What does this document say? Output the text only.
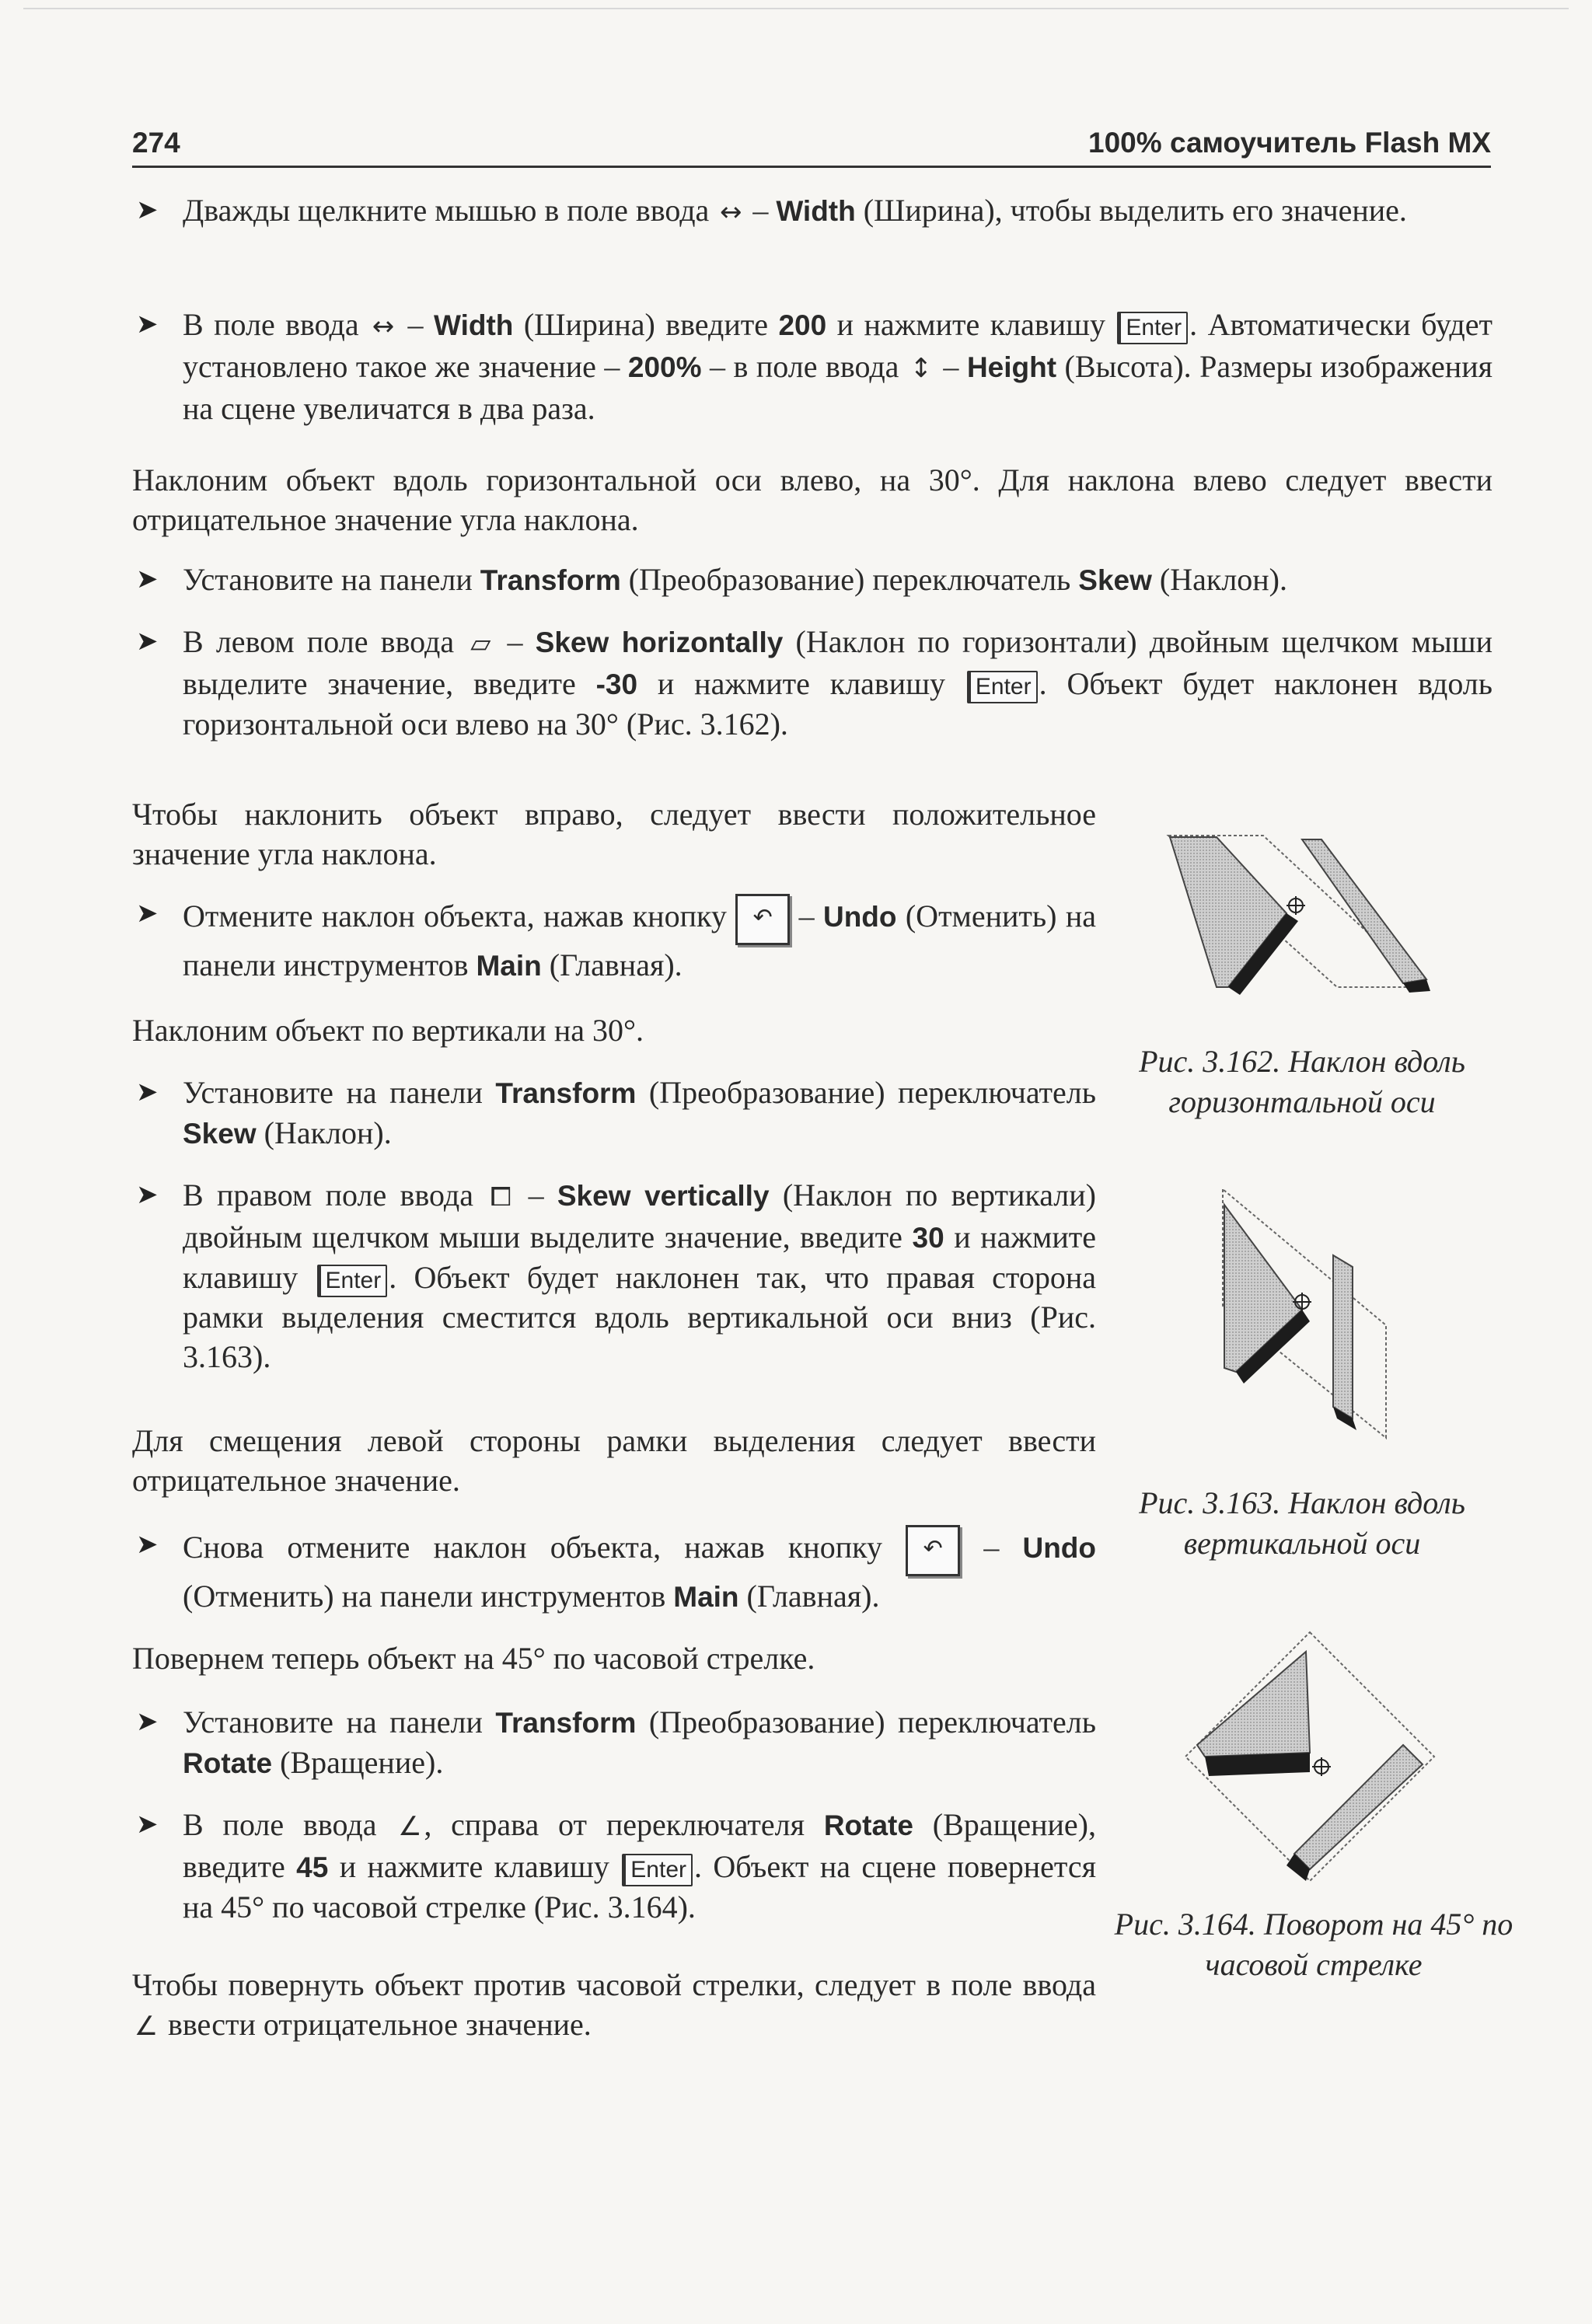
274	100% самоучитель Flash MX

➤ Дважды щелкните мышью в поле ввода ↔ – Width (Ширина), чтобы выделить его значение.

➤ В поле ввода ↔ – Width (Ширина) введите 200 и нажмите клавишу Enter . Автоматически будет установлено такое же значение – 200% – в поле ввода ↕ – Height (Высота). Размеры изображения на сцене увеличатся в два раза.

Наклоним объект вдоль горизонтальной оси влево, на 30°. Для наклона влево следует ввести отрицательное значение угла наклона.

➤ Установите на панели Transform (Преобразование) переключатель Skew (Наклон).

➤ В левом поле ввода ▱ – Skew horizontally (Наклон по горизонтали) двойным щелчком мыши выделите значение, введите -30 и нажмите клавишу Enter . Объект будет наклонен вдоль горизонтальной оси влево на 30° (Рис. 3.162).

Чтобы наклонить объект вправо, следует ввести положительное значение угла наклона.

➤ Отмените наклон объекта, нажав кнопку ↶ – Undo (Отменить) на панели инструментов Main (Главная).

Наклоним объект по вертикали на 30°.

➤ Установите на панели Transform (Преобразование) переключатель Skew (Наклон).

➤ В правом поле ввода ⧠ – Skew vertically (Наклон по вертикали) двойным щелчком мыши выделите значение, введите 30 и нажмите клавишу Enter . Объект будет наклонен так, что правая сторона рамки выделения сместится вдоль вертикальной оси вниз (Рис. 3.163).

Для смещения левой стороны рамки выделения следует ввести отрицательное значение.

➤ Снова отмените наклон объекта, нажав кнопку ↶ – Undo (Отменить) на панели инструментов Main (Главная).

Повернем теперь объект на 45° по часовой стрелке.

➤ Установите на панели Transform (Преобразование) переключатель Rotate (Вращение).

➤ В поле ввода ∠, справа от переключателя Rotate (Вращение), введите 45 и нажмите клавишу Enter . Объект на сцене повернется на 45° по часовой стрелке (Рис. 3.164).

Чтобы повернуть объект против часовой стрелки, следует в поле ввода ∠ ввести отрицательное значение.

Рис. 3.162. Наклон вдоль горизонтальной оси
Рис. 3.163. Наклон вдоль вертикальной оси
Рис. 3.164. Поворот на 45° по часовой стрелке
